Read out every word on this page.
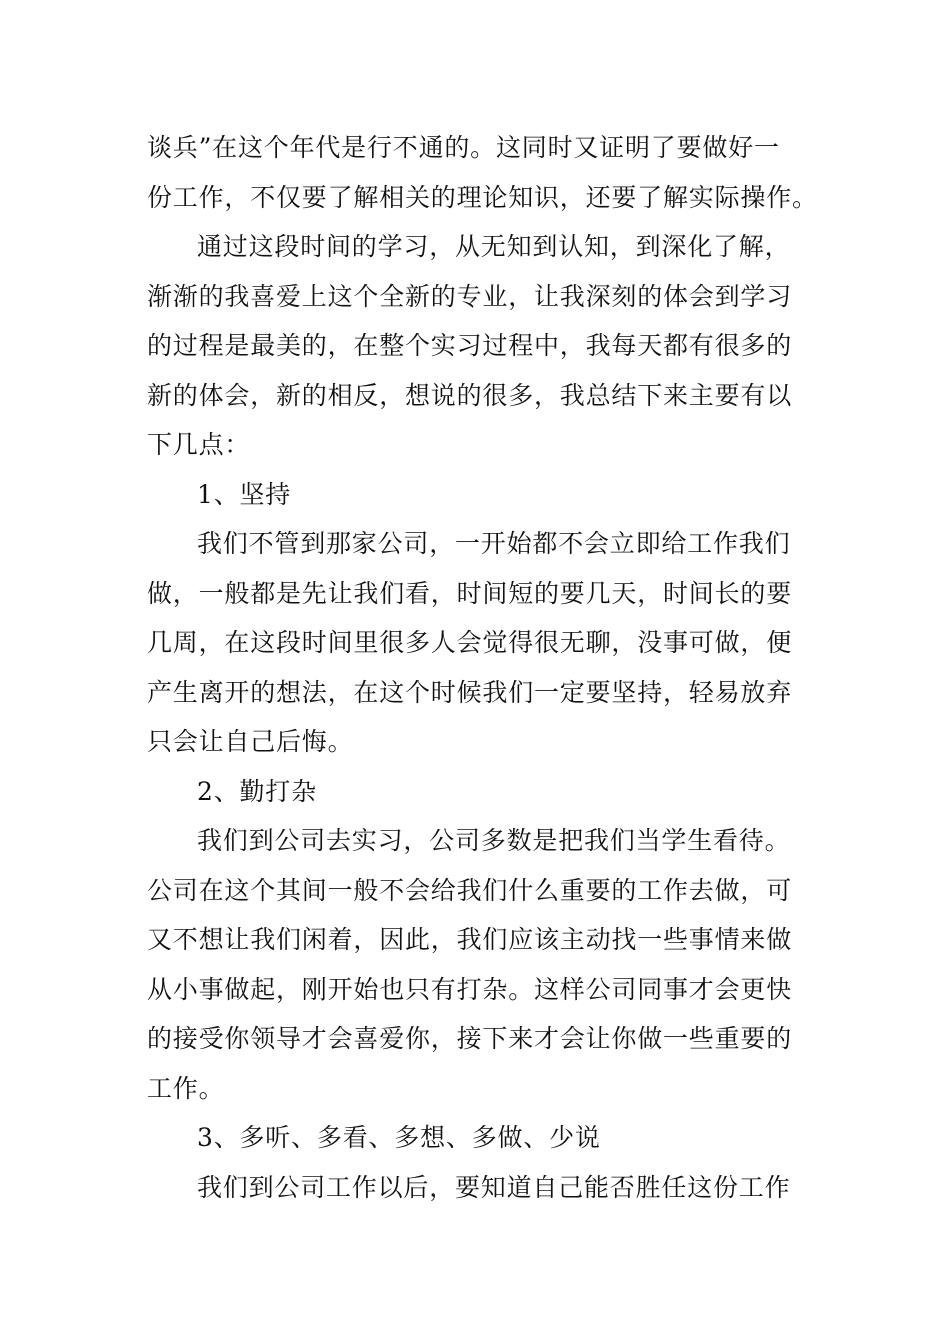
谈兵”在这个年代是行不通的。这同时又证明了要做好一
份工作，不仅要了解相关的理论知识，还要了解实际操作。
通过这段时间的学习，从无知到认知，到深化了解，
渐渐的我喜爱上这个全新的专业，让我深刻的体会到学习
的过程是最美的，在整个实习过程中，我每天都有很多的
新的体会，新的相反，想说的很多，我总结下来主要有以
下几点：
1、坚持
我们不管到那家公司，一开始都不会立即给工作我们
做，一般都是先让我们看，时间短的要几天，时间长的要
几周，在这段时间里很多人会觉得很无聊，没事可做，便
产生离开的想法，在这个时候我们一定要坚持，轻易放弃
只会让自己后悔。
2、勤打杂
我们到公司去实习，公司多数是把我们当学生看待。
公司在这个其间一般不会给我们什么重要的工作去做，可
又不想让我们闲着，因此，我们应该主动找一些事情来做
从小事做起，刚开始也只有打杂。这样公司同事才会更快
的接受你领导才会喜爱你，接下来才会让你做一些重要的
工作。
3、多听、多看、多想、多做、少说
我们到公司工作以后，要知道自己能否胜任这份工作
